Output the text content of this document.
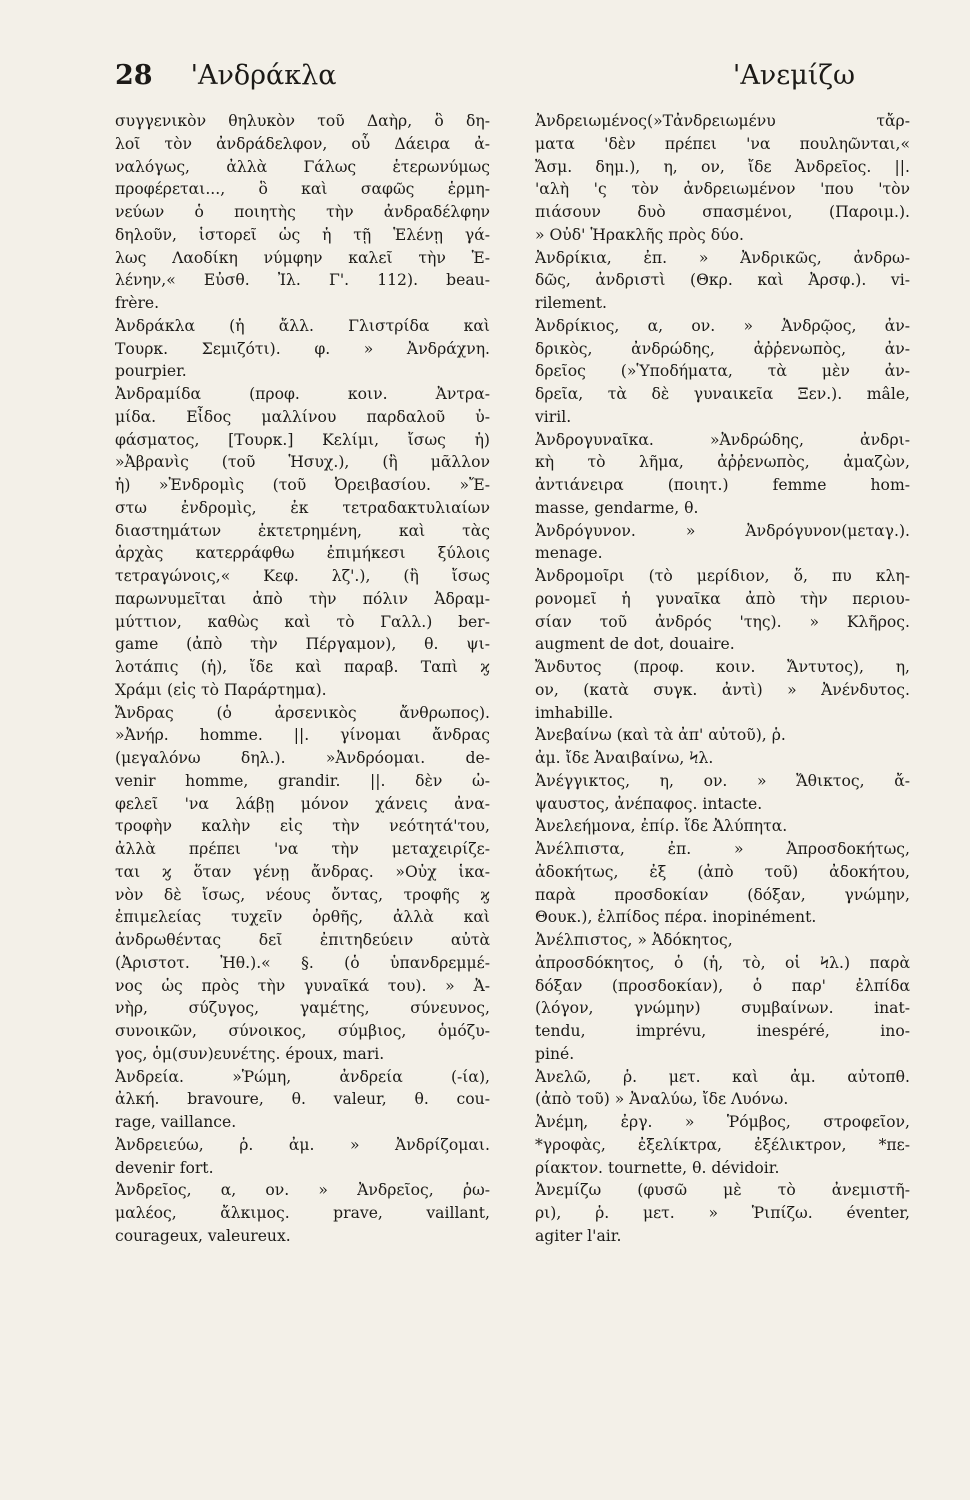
28 'Ανδράκλα	'Ανεμίζω
συγγενικὸν θηλυκὸν τοῦ Δαὴρ, ὃ δη-
λοῖ τὸν ἀνδράδελφον, οὗ Δάειρα ἀ-
ναλόγως, ἀλλὰ Γάλως ἑτερωνύμως
προφέρεται..., ὃ καὶ σαφῶς ἑρμη-
νεύων ὁ ποιητὴς τὴν ἀνδραδέλφην
δηλοῦν, ἱστορεῖ ὡς ἡ τῇ Ἑλένῃ γά-
λως Λαοδίκη νύμφην καλεῖ τὴν Ἑ-
λένην,« Εὐσθ. Ἰλ. Γ'. 112). beau-
frère.
Ἀνδράκλα (ἡ ἄλλ. Γλιστρίδα καὶ
Τουρκ. Σεμιζότι). φ. » Ἀνδράχνη.
pourpier.
Ἀνδραμίδα (προφ. κοιν. Ἀντρα-
μίδα. Εἶδος μαλλίνου παρδαλοῦ ὑ-
φάσματος, [Τουρκ.] Κελίμι, ἴσως ἡ)
»Ἀβρανὶς (τοῦ Ἡσυχ.), (ἢ μᾶλλον
ἡ) »Ἐνδρομὶς (τοῦ Ὀρειβασίου. »Ἔ-
στω ἐνδρομὶς, ἐκ τετραδακτυλιαίων
διαστημάτων ἐκτετρημένη, καὶ τὰς
ἀρχὰς κατερράφθω ἐπιμήκεσι ξύλοις
τετραγώνοις,« Κεφ. λζ'.), (ἢ ἴσως
παρωνυμεῖται ἀπὸ τὴν πόλιν Ἀδραμ-
μύττιον, καθὼς καὶ τὸ Γαλλ.) ber-
game (ἀπὸ τὴν Πέργαμον), θ. ψι-
λοτάπις (ἡ), ἴδε καὶ παραβ. Ταπὶ ϗ
Χράμι (εἰς τὸ Παράρτημα).
Ἄνδρας (ὁ ἀρσενικὸς ἄνθρωπος).
»Ἀνήρ. homme. ||. γίνομαι ἄνδρας
(μεγαλόνω δηλ.). »Ἀνδρόομαι. de-
venir homme, grandir. ||. δὲν ὠ-
φελεῖ 'να λάβῃ μόνον χάνεις ἀνα-
τροφὴν καλὴν εἰς τὴν νεότητά'του,
ἀλλὰ πρέπει 'να τὴν μεταχειρίζε-
ται ϗ ὅταν γένῃ ἄνδρας. »Οὐχ ἱκα-
νὸν δὲ ἴσως, νέους ὄντας, τροφῆς ϗ
ἐπιμελείας τυχεῖν ὀρθῆς, ἀλλὰ καὶ
ἀνδρωθέντας δεῖ ἐπιτηδεύειν αὐτὰ
(Ἀριστοτ. Ἠθ.).« §. (ὁ ὑπανδρεμμέ-
νος ὡς πρὸς τὴν γυναῖκά του). » Ἀ-
νὴρ, σύζυγος, γαμέτης, σύνευνος,
συνοικῶν, σύνοικος, σύμβιος, ὁμόζυ-
γος, ὁμ(συν)ευνέτης. époux, mari.
Ἀνδρεία. »Ῥώμη, ἀνδρεία (-ία),
ἀλκή. bravoure, θ. valeur, θ. cou-
rage, vaillance.
Ἀνδρειεύω, ῥ. ἀμ. » Ἀνδρίζομαι.
devenir fort.
Ἀνδρεῖος, α, ον. » Ἀνδρεῖος, ῥω-
μαλέος, ἄλκιμος. prave, vaillant,
courageux, valeureux.
Ἀνδρειωμένος(»Τἀνδρειωμένυ τἄρ-
ματα 'δὲν πρέπει 'να πουληῶνται,«
Ἄσμ. δημ.), η, ον, ἴδε Ἀνδρεῖος. ||.
'αλὴ 'ς τὸν ἀνδρειωμένον 'που 'τὸν
πιάσουν δυὸ σπασμένοι, (Παροιμ.).
» Οὐδ' Ἡρακλῆς πρὸς δύο.
Ἀνδρίκια, ἐπ. » Ἀνδρικῶς, ἀνδρω-
δῶς, ἀνδριστὶ (Θκρ. καὶ Ἀρσφ.). vi-
rilement.
Ἀνδρίκιος, α, ον. » Ἀνδρῷος, ἀν-
δρικὸς, ἀνδρώδης, ἀῤῥενωπὸς, ἀν-
δρεῖος (»Ὑποδήματα, τὰ μὲν ἀν-
δρεῖα, τὰ δὲ γυναικεῖα Ξεν.). mâle,
viril.
Ἀνδρογυναῖκα. »Ἀνδρώδης, ἀνδρι-
κὴ τὸ λῆμα, ἀῤῥενωπὸς, ἀμαζὼν,
ἀντιάνειρα (ποιητ.) femme hom-
masse, gendarme, θ.
Ἀνδρόγυνον. » Ἀνδρόγυνον(μεταγ.).
menage.
Ἀνδρομοῖρι (τὸ μερίδιον, ὅ, πυ κλη-
ρονομεῖ ἡ γυναῖκα ἀπὸ τὴν περιου-
σίαν τοῦ ἀνδρός 'της). » Κλῆρος.
augment de dot, douaire.
Ἄνδυτος (προφ. κοιν. Ἄντυτος), η,
ον, (κατὰ συγκ. ἀντὶ) » Ἀνένδυτος.
imhabille.
Ἀνεβαίνω (καὶ τὰ ἀπ' αὐτοῦ), ῥ.
ἀμ. ἴδε Ἀναιβαίνω, Ϟλ.
Ἀνέγγικτος, η, ον. » Ἄθικτος, ἄ-
ψαυστος, ἀνέπαφος. intacte.
Ἀνελεήμονα, ἐπίρ. ἴδε Ἀλύπητα.
Ἀνέλπιστα, ἐπ. » Ἀπροσδοκήτως,
ἀδοκήτως, ἐξ (ἀπὸ τοῦ) ἀδοκήτου,
παρὰ προσδοκίαν (δόξαν, γνώμην,
Θουκ.), ἐλπίδος πέρα. inopinément.
Ἀνέλπιστος, » Ἀδόκητος,
ἀπροσδόκητος, ὁ (ἡ, τὸ, οἱ Ϟλ.) παρὰ
δόξαν (προσδοκίαν), ὁ παρ' ἐλπίδα
(λόγον, γνώμην) συμβαίνων. inat-
tendu, imprévu, inespéré, ino-
piné.
Ἀνελῶ, ῥ. μετ. καὶ ἀμ. αὐτοπθ.
(ἀπὸ τοῦ) » Ἀναλύω, ἴδε Λυόνω.
Ἀνέμη, ἐργ. » Ῥόμβος, στροφεῖον,
*γροφὰς, ἐξελίκτρα, ἐξέλικτρον, *πε-
ρίακτον. tournette, θ. dévidoir.
Ἀνεμίζω (φυσῶ μὲ τὸ ἀνεμιστῆ-
ρι), ῥ. μετ. » Ῥιπίζω. éventer,
agiter l'air.
